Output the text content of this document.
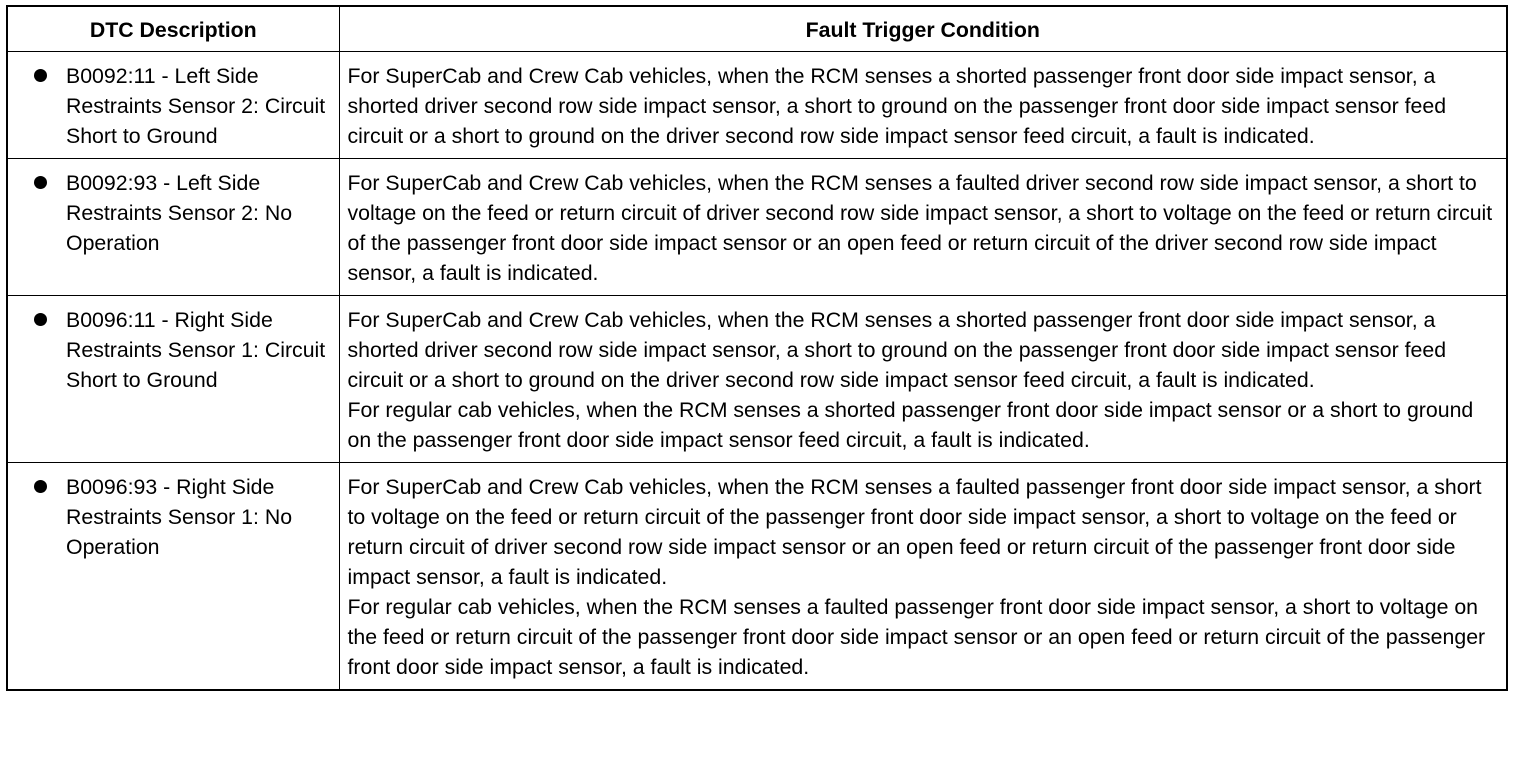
DTC Description	Fault Trigger Condition

B0092:11 - Left Side Restraints Sensor 2: Circuit Short to Ground	For SuperCab and Crew Cab vehicles, when the RCM senses a shorted passenger front door side impact sensor, a shorted driver second row side impact sensor, a short to ground on the passenger front door side impact sensor feed circuit or a short to ground on the driver second row side impact sensor feed circuit, a fault is indicated.

B0092:93 - Left Side Restraints Sensor 2: No Operation	For SuperCab and Crew Cab vehicles, when the RCM senses a faulted driver second row side impact sensor, a short to voltage on the feed or return circuit of driver second row side impact sensor, a short to voltage on the feed or return circuit of the passenger front door side impact sensor or an open feed or return circuit of the driver second row side impact sensor, a fault is indicated.

B0096:11 - Right Side Restraints Sensor 1: Circuit Short to Ground	For SuperCab and Crew Cab vehicles, when the RCM senses a shorted passenger front door side impact sensor, a shorted driver second row side impact sensor, a short to ground on the passenger front door side impact sensor feed circuit or a short to ground on the driver second row side impact sensor feed circuit, a fault is indicated.
For regular cab vehicles, when the RCM senses a shorted passenger front door side impact sensor or a short to ground on the passenger front door side impact sensor feed circuit, a fault is indicated.

B0096:93 - Right Side Restraints Sensor 1: No Operation	For SuperCab and Crew Cab vehicles, when the RCM senses a faulted passenger front door side impact sensor, a short to voltage on the feed or return circuit of the passenger front door side impact sensor, a short to voltage on the feed or return circuit of driver second row side impact sensor or an open feed or return circuit of the passenger front door side impact sensor, a fault is indicated.
For regular cab vehicles, when the RCM senses a faulted passenger front door side impact sensor, a short to voltage on the feed or return circuit of the passenger front door side impact sensor or an open feed or return circuit of the passenger front door side impact sensor, a fault is indicated.
